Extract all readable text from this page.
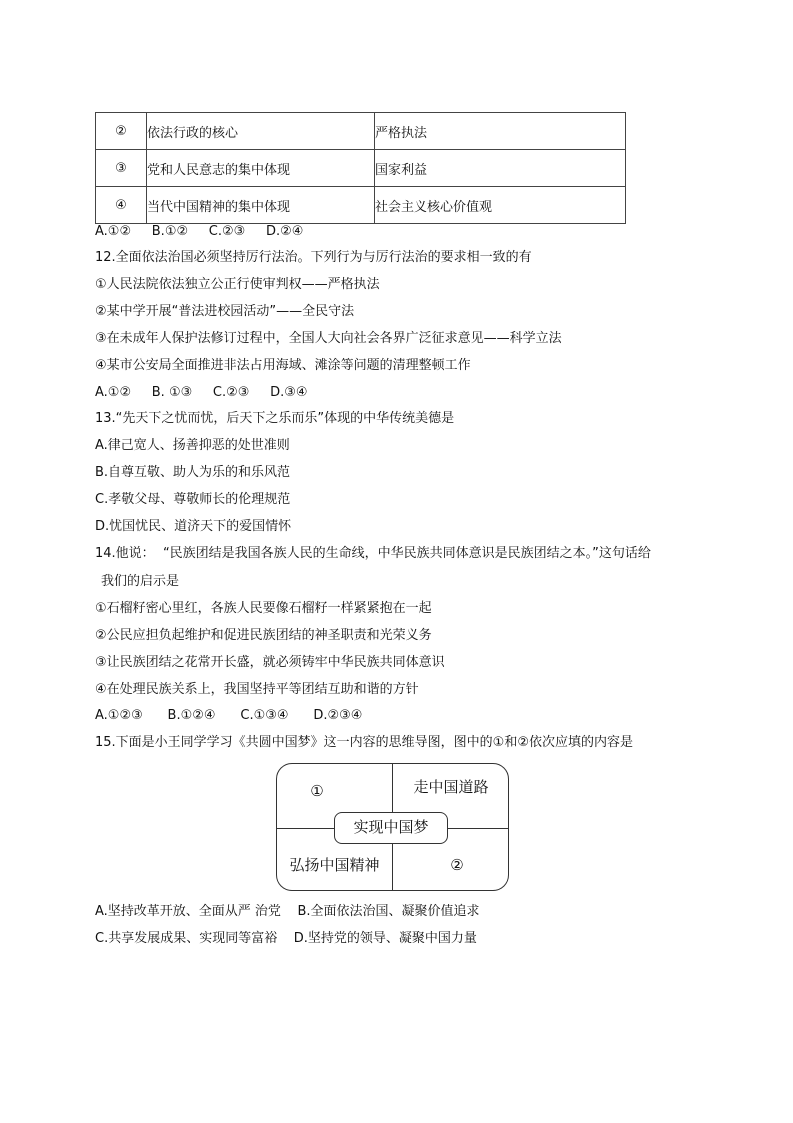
②	依法行政的核心	严格执法
③	党和人民意志的集中体现	国家利益
④	当代中国精神的集中体现	社会主义核心价值观
A.①②     B.①②     C.②③     D.②④
12.全面依法治国必须坚持厉行法治。下列行为与厉行法治的要求相一致的有
①人民法院依法独立公正行使审判权——严格执法
②某中学开展“普法进校园活动”——全民守法
③在未成年人保护法修订过程中，全国人大向社会各界广泛征求意见——科学立法
④某市公安局全面推进非法占用海域、滩涂等问题的清理整顿工作
A.①②     B. ①③     C.②③     D.③④
13.“先天下之忧而忧，后天下之乐而乐”体现的中华传统美德是
A.律己宽人、扬善抑恶的处世准则
B.自尊互敬、助人为乐的和乐风范
C.孝敬父母、尊敬师长的伦理规范
D.忧国忧民、道济天下的爱国情怀
14.他说：  “民族团结是我国各族人民的生命线，中华民族共同体意识是民族团结之本。”这句话给
我们的启示是
①石榴籽密心里红，各族人民要像石榴籽一样紧紧抱在一起
②公民应担负起维护和促进民族团结的神圣职责和光荣义务
③让民族团结之花常开长盛，就必须铸牢中华民族共同体意识
④在处理民族关系上，我国坚持平等团结互助和谐的方针
A.①②③      B.①②④      C.①③④      D.②③④
15.下面是小王同学学习《共圆中国梦》这一内容的思维导图，图中的①和②依次应填的内容是
①	走中国道路
弘扬中国精神	②
实现中国梦
A.坚持改革开放、全面从严 治党    B.全面依法治国、凝聚价值追求
C.共享发展成果、实现同等富裕    D.坚持党的领导、凝聚中国力量
